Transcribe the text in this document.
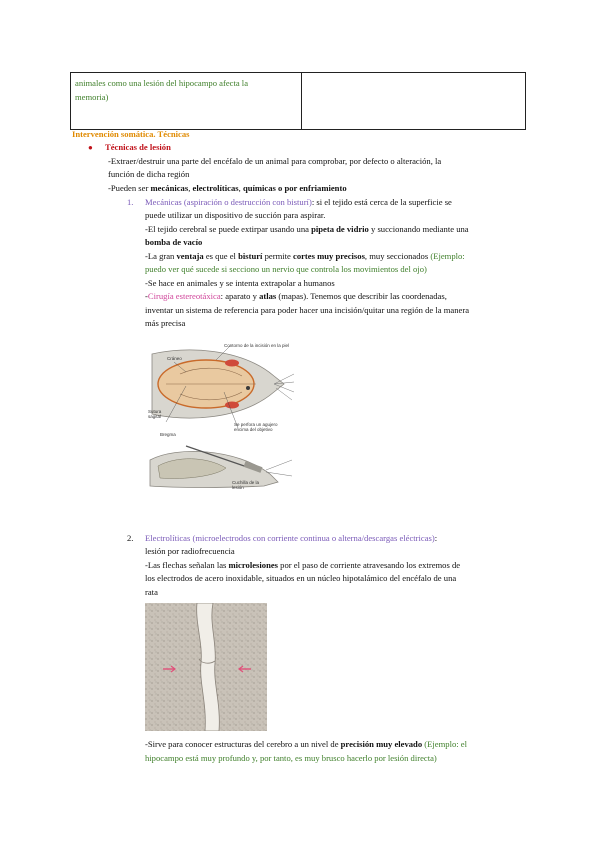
animales como una lesión del hipocampo afecta la
memoria)

Intervención somática. Técnicas
● Técnicas de lesión
-Extraer/destruir una parte del encéfalo de un animal para comprobar, por defecto o alteración, la
función de dicha región
-Pueden ser mecánicas, electrolíticas, químicas o por enfriamiento
1. Mecánicas (aspiración o destrucción con bisturí): si el tejido está cerca de la superficie se
puede utilizar un dispositivo de succión para aspirar.
-El tejido cerebral se puede extirpar usando una pipeta de vidrio y succionando mediante una
bomba de vacío
-La gran ventaja es que el bisturí permite cortes muy precisos, muy seccionados (Ejemplo:
puedo ver qué sucede si secciono un nervio que controla los movimientos del ojo)
-Se hace en animales y se intenta extrapolar a humanos
-Cirugía estereotáxica: aparato y atlas (mapas). Tenemos que describir las coordenadas,
inventar un sistema de referencia para poder hacer una incisión/quitar una región de la manera
más precisa
Contorno de la incisión en la piel
Cráneo
Sutura sagital
Bregma
Se perfora un agujero encima del objetivo
Cuchilla de la lesión
2. Electrolíticas (microelectrodos con corriente continua o alterna/descargas eléctricas):
lesión por radiofrecuencia
-Las flechas señalan las microlesiones por el paso de corriente atravesando los extremos de
los electrodos de acero inoxidable, situados en un núcleo hipotalámico del encéfalo de una
rata
-Sirve para conocer estructuras del cerebro a un nivel de precisión muy elevado (Ejemplo: el
hipocampo está muy profundo y, por tanto, es muy brusco hacerlo por lesión directa)
